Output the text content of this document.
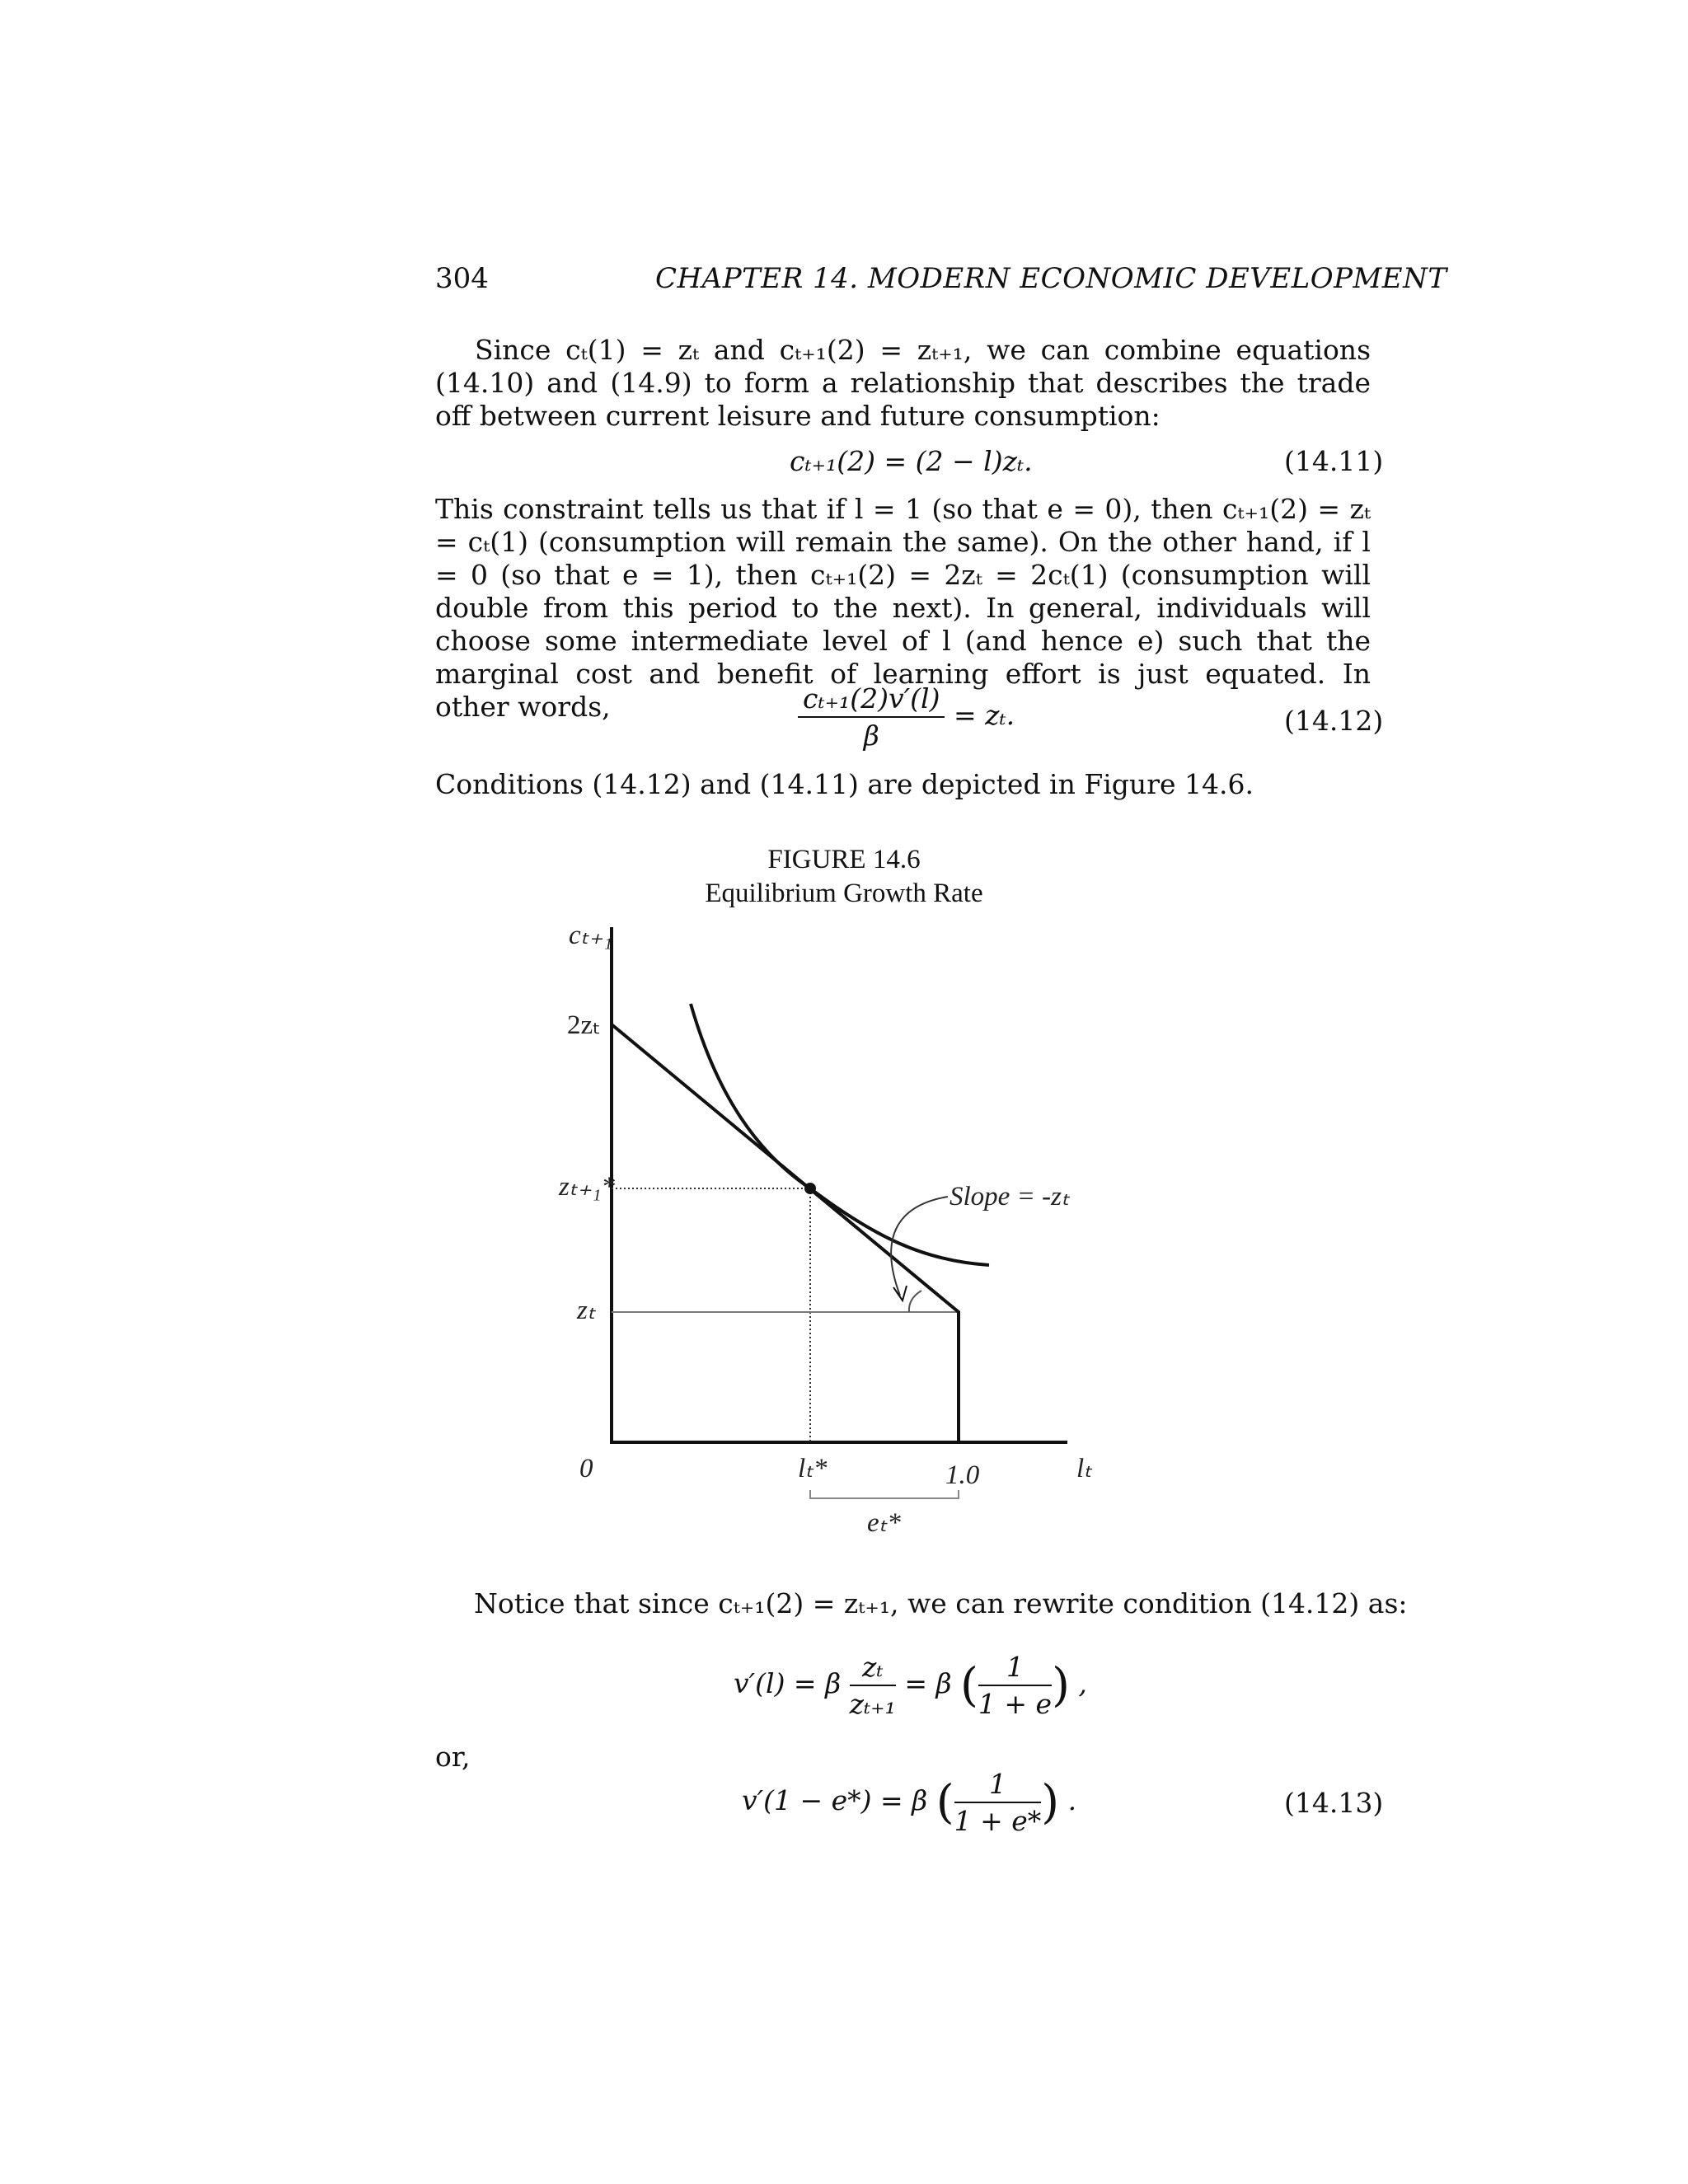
304	CHAPTER 14. MODERN ECONOMIC DEVELOPMENT
Since cₜ(1) = zₜ and cₜ₊₁(2) = zₜ₊₁, we can combine equations (14.10) and (14.9) to form a relationship that describes the trade off between current leisure and future consumption:
cₜ₊₁(2) = (2 − l)zₜ.	(14.11)
This constraint tells us that if l = 1 (so that e = 0), then cₜ₊₁(2) = zₜ = cₜ(1) (consumption will remain the same). On the other hand, if l = 0 (so that e = 1), then cₜ₊₁(2) = 2zₜ = 2cₜ(1) (consumption will double from this period to the next). In general, individuals will choose some intermediate level of l (and hence e) such that the marginal cost and benefit of learning effort is just equated. In other words,	$\frac{\text{cₜ₊₁(2)v′(l)}}{\beta} = z_t$.	(14.12)
Conditions (14.12) and (14.11) are depicted in Figure 14.6.
FIGURE 14.6
Equilibrium Growth Rate
cₜ₊₁
2zₜ
zₜ₊₁*
zₜ
0	lₜ*	1.0	lₜ
eₜ*
Slope = -zₜ
Notice that since cₜ₊₁(2) = zₜ₊₁, we can rewrite condition (14.12) as:
v′(l) = β $\frac{\text{zₜ}}{\text{zₜ₊₁}} = \beta$ ( $\frac{1}{1 + e}$ ) ,
or,
v′(1 − e*) = β ( $\frac{1}{1 + e*}$ ) .	(14.13)
